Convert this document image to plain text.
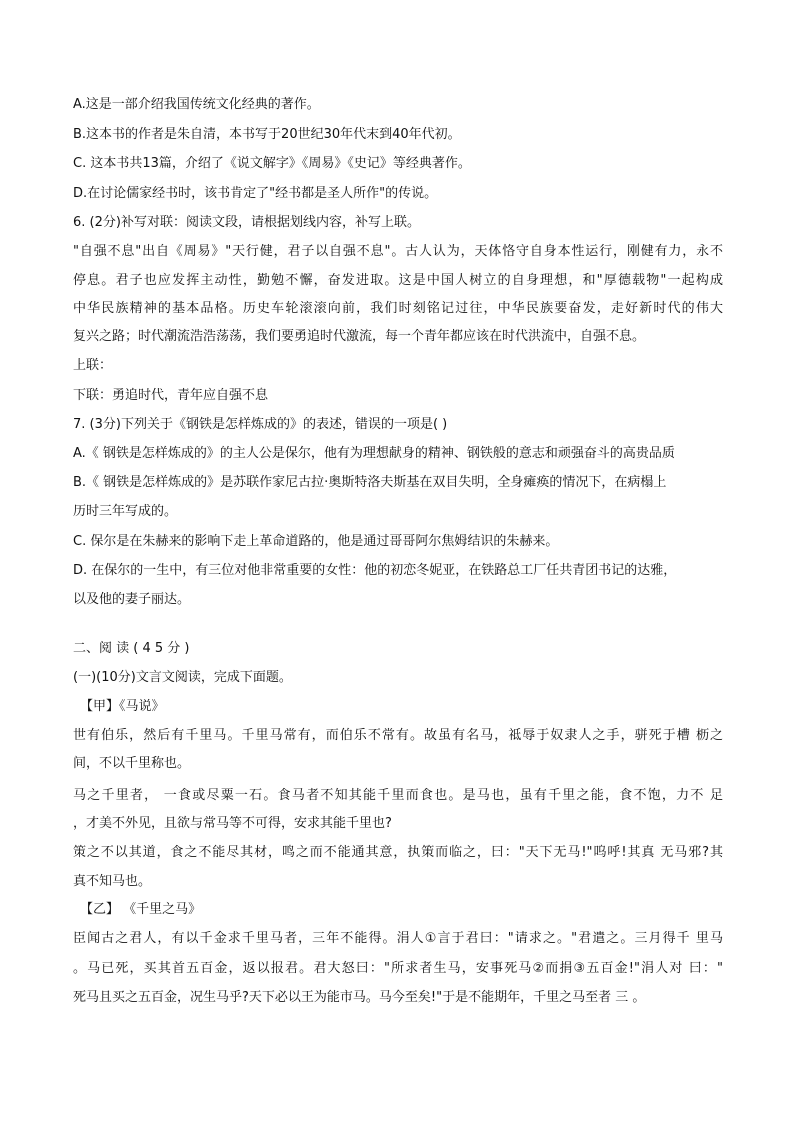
A.这是一部介绍我国传统文化经典的著作。
B.这本书的作者是朱自清，本书写于20世纪30年代末到40年代初。
C. 这本书共13篇，介绍了《说文解字》《周易》《史记》等经典著作。
D.在讨论儒家经书时，该书肯定了"经书都是圣人所作"的传说。
6. (2分)补写对联：阅读文段，请根据划线内容，补写上联。
"自强不息"出自《周易》"天行健，君子以自强不息"。古人认为，天体恪守自身本性运行，刚健有力，永不
停息。君子也应发挥主动性，勤勉不懈，奋发进取。这是中国人树立的自身理想，和"厚德载物"一起构成
中华民族精神的基本品格。历史车轮滚滚向前，我们时刻铭记过往，中华民族要奋发，走好新时代的伟大
复兴之路；时代潮流浩浩荡荡，我们要勇追时代激流，每一个青年都应该在时代洪流中，自强不息。
上联：
下联：勇追时代，青年应自强不息
7. (3分)下列关于《钢铁是怎样炼成的》的表述，错误的一项是( )
A.《 钢铁是怎样炼成的》的主人公是保尔，他有为理想献身的精神、钢铁般的意志和顽强奋斗的高贵品质
B.《 钢铁是怎样炼成的》是苏联作家尼古拉·奥斯特洛夫斯基在双目失明，全身瘫痪的情况下，在病榻上
历时三年写成的。
C. 保尔是在朱赫来的影响下走上革命道路的，他是通过哥哥阿尔焦姆结识的朱赫来。
D. 在保尔的一生中，有三位对他非常重要的女性：他的初恋冬妮亚，在铁路总工厂任共青团书记的达雅，
以及他的妻子丽达。
二、阅 读 ( 4 5 分 )
(一)(10分)文言文阅读，完成下面题。
【甲】《马说》
世有伯乐，然后有千里马。千里马常有，而伯乐不常有。故虽有名马，祗辱于奴隶人之手，骈死于槽 枥之
间，不以千里称也。
马之千里者， 一食或尽粟一石。食马者不知其能千里而食也。是马也，虽有千里之能，食不饱，力不 足
，才美不外见，且欲与常马等不可得，安求其能千里也?
策之不以其道，食之不能尽其材，鸣之而不能通其意，执策而临之，曰："天下无马!"呜呼!其真 无马邪?其
真不知马也。
【乙】 《千里之马》
臣闻古之君人，有以千金求千里马者，三年不能得。涓人①言于君曰："请求之。"君遣之。三月得千 里马
。马已死，买其首五百金，返以报君。君大怒曰："所求者生马，安事死马②而捐③五百金!"涓人对 曰："
死马且买之五百金，况生马乎?天下必以王为能市马。马今至矣!"于是不能期年，千里之马至者 三 。
